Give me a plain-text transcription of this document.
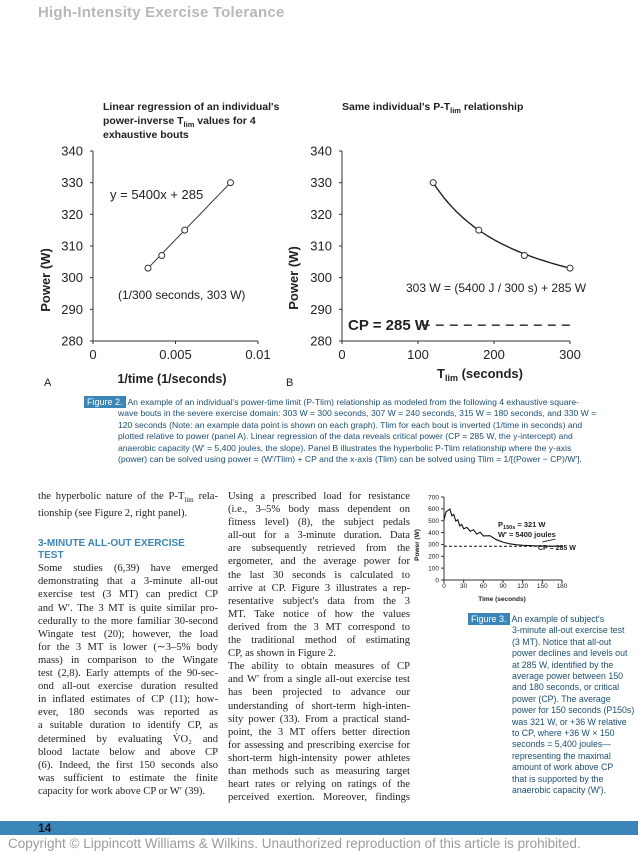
High-Intensity Exercise Tolerance
Linear regression of an individual's
power-inverse $T_{lim}$ values for 4
exhaustive bouts
280
290
300
310
320
330
340
0	0.005	0.01
y = 5400x + 285
(1/300 seconds, 303 W)
Power (W)
1/time (1/seconds)
A
Same individual's $P-T_{lim}$ relationship
280
290
300
310
320
330
340
0	100	200	300
303 W = (5400 J / 300 s) + 285 W
CP = 285 W
Power (W)
$T_{lim}$ (seconds)
B
Figure 2. An example of an individual's power-time limit (P-Tlim) relationship as modeled from the following 4 exhaustive square-
wave bouts in the severe exercise domain: 303 W = 300 seconds, 307 W = 240 seconds, 315 W = 180 seconds, and 330 W =
120 seconds (Note: an example data point is shown on each graph). Tlim for each bout is inverted (1/time in seconds) and
plotted relative to power (panel A). Linear regression of the data reveals critical power (CP = 285 W, the y-intercept) and
anaerobic capacity (W′ = 5,400 joules, the slope). Panel B illustrates the hyperbolic P-Tlim relationship where the y-axis
(power) can be solved using power = (W′/Tlim) + CP and the x-axis (Tlim) can be solved using Tlim = 1/[(Power − CP)/W′].
the hyperbolic nature of the $P-T_{lim}$ rela-
tionship (see Figure 2, right panel).
3-MINUTE ALL-OUT EXERCISE
TEST
Some studies (6,39) have emerged
demonstrating that a 3-minute all-out
exercise test (3 MT) can predict CP
and W′. The 3 MT is quite similar pro-
cedurally to the more familiar 30-second
Wingate test (20); however, the load
for the 3 MT is lower (∼3–5% body
mass) in comparison to the Wingate
test (2,8). Early attempts of the 90-sec-
ond all-out exercise duration resulted
in inflated estimates of CP (11); how-
ever, 180 seconds was reported as
a suitable duration to identify CP, as
determined by evaluating V̇O₂ and
blood lactate below and above CP
(6). Indeed, the first 150 seconds also
was sufficient to estimate the finite
capacity for work above CP or W′ (39).
Using a prescribed load for resistance
(i.e., 3–5% body mass dependent on
fitness level) (8), the subject pedals
all-out for a 3-minute duration. Data
are subsequently retrieved from the
ergometer, and the average power for
the last 30 seconds is calculated to
arrive at CP. Figure 3 illustrates a rep-
resentative subject's data from the 3
MT. Take notice of how the values
derived from the 3 MT correspond to
the traditional method of estimating
CP, as shown in Figure 2.
The ability to obtain measures of CP
and W′ from a single all-out exercise test
has been projected to advance our
understanding of short-term high-inten-
sity power (33). From a practical stand-
point, the 3 MT offers better direction
for assessing and prescribing exercise for
short-term high-intensity power athletes
than methods such as measuring target
heart rates or relying on ratings of the
perceived exertion. Moreover, findings
0
100
200
300
400
500
600
700
0 30 60 90 120 150 180
Power (W)
Time (seconds)
$P_{150s} = 321$ W
W' = 5400 joules
CP = 285 W
Figure 3. An example of subject's
3-minute all-out exercise test
(3 MT). Notice that all-out
power declines and levels out
at 285 W, identified by the
average power between 150
and 180 seconds, or critical
power (CP). The average
power for 150 seconds (P150s)
was 321 W, or +36 W relative
to CP, where +36 W × 150
seconds = 5,400 joules—
representing the maximal
amount of work above CP
that is supported by the
anaerobic capacity (W′).
14 VOLUME 35 | NUMBER 2 | APRIL 2013
Copyright © Lippincott Williams & Wilkins. Unauthorized reproduction of this article is prohibited.
